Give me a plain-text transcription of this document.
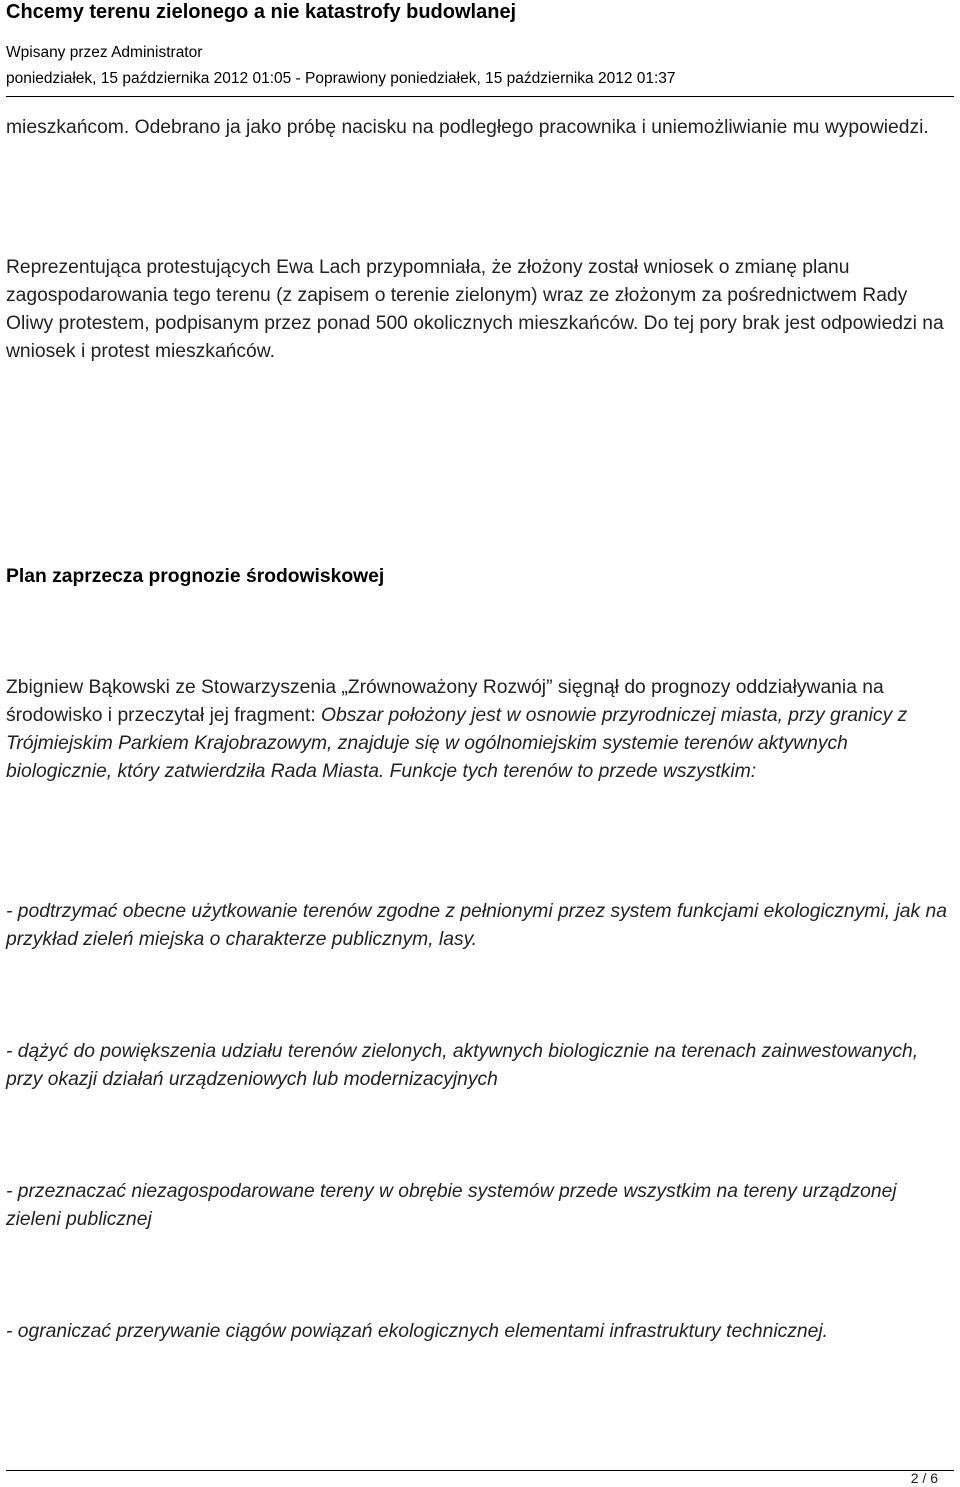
Chcemy terenu zielonego a nie katastrofy budowlanej
Wpisany przez Administrator
poniedziałek, 15 października 2012 01:05 - Poprawiony poniedziałek, 15 października 2012 01:37

mieszkańcom. Odebrano ja jako próbę nacisku na podległego pracownika i uniemożliwianie mu wypowiedzi.

Reprezentująca protestujących Ewa Lach przypomniała, że złożony został wniosek o zmianę planu zagospodarowania tego terenu (z zapisem o terenie zielonym) wraz ze złożonym za pośrednictwem Rady Oliwy protestem, podpisanym przez ponad 500 okolicznych mieszkańców. Do tej pory brak jest odpowiedzi na wniosek i protest mieszkańców.

Plan zaprzecza prognozie środowiskowej

Zbigniew Bąkowski ze Stowarzyszenia „Zrównoważony Rozwój” sięgnął do prognozy oddziaływania na środowisko i przeczytał jej fragment: Obszar położony jest w osnowie przyrodniczej miasta, przy granicy z Trójmiejskim Parkiem Krajobrazowym, znajduje się w ogólnomiejskim systemie terenów aktywnych biologicznie, który zatwierdziła Rada Miasta. Funkcje tych terenów to przede wszystkim:

- podtrzymać obecne użytkowanie terenów zgodne z pełnionymi przez system funkcjami ekologicznymi, jak na przykład zieleń miejska o charakterze publicznym, lasy.

- dążyć do powiększenia udziału terenów zielonych, aktywnych biologicznie na terenach zainwestowanych, przy okazji działań urządzeniowych lub modernizacyjnych

- przeznaczać niezagospodarowane tereny w obrębie systemów przede wszystkim na tereny urządzonej zieleni publicznej

- ograniczać przerywanie ciągów powiązań ekologicznych elementami infrastruktury technicznej.

2 / 6
